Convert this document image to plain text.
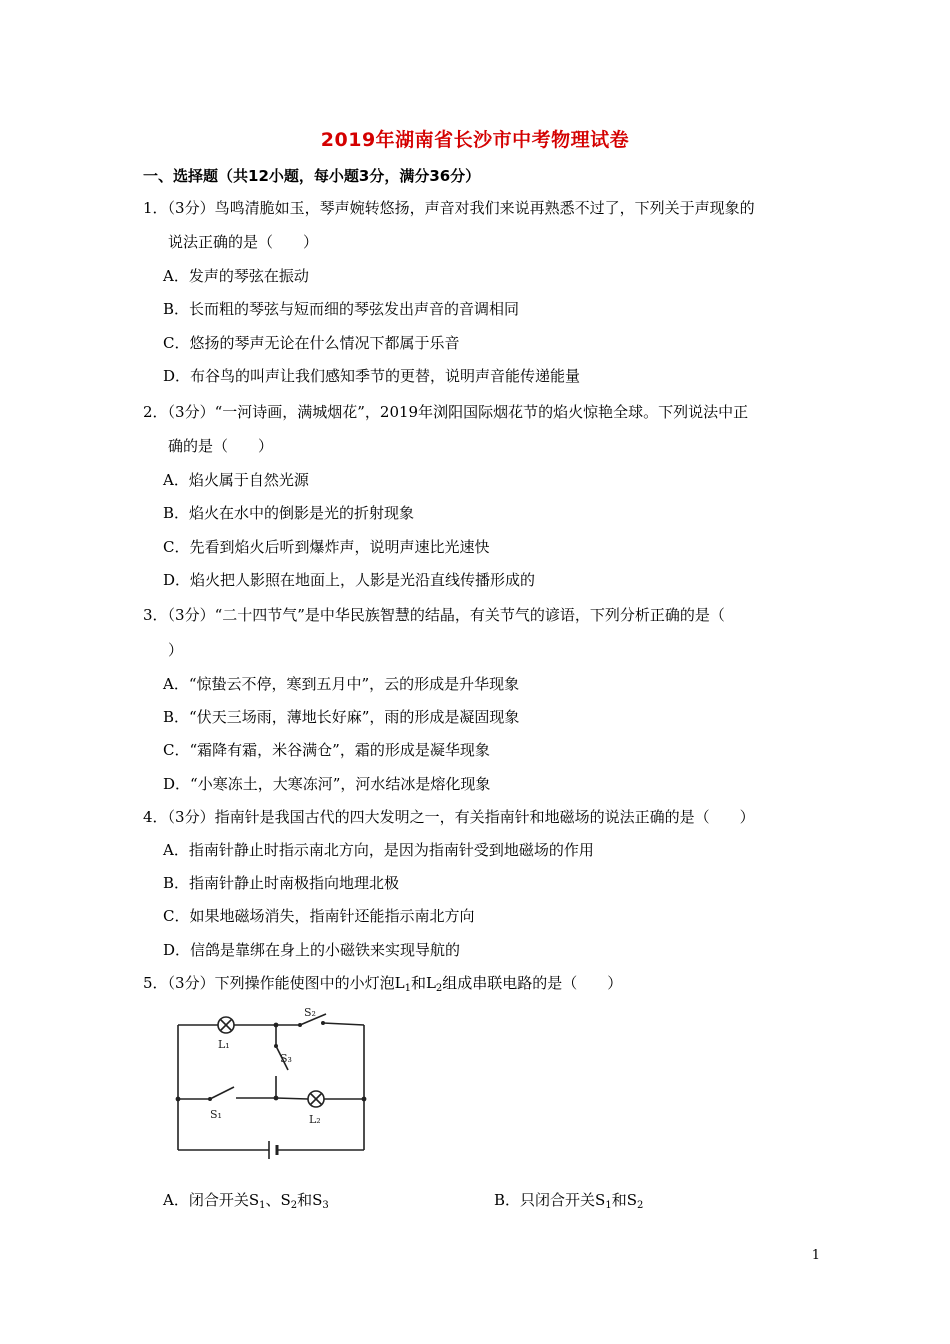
2019年湖南省长沙市中考物理试卷
一、选择题（共12小题，每小题3分，满分36分）
1．（3分）鸟鸣清脆如玉，琴声婉转悠扬，声音对我们来说再熟悉不过了，下列关于声现象的
说法正确的是（　　）
A．发声的琴弦在振动
B．长而粗的琴弦与短而细的琴弦发出声音的音调相同
C．悠扬的琴声无论在什么情况下都属于乐音
D．布谷鸟的叫声让我们感知季节的更替，说明声音能传递能量
2．（3分）“一河诗画，满城烟花”，2019年浏阳国际烟花节的焰火惊艳全球。下列说法中正
确的是（　　）
A．焰火属于自然光源
B．焰火在水中的倒影是光的折射现象
C．先看到焰火后听到爆炸声，说明声速比光速快
D．焰火把人影照在地面上，人影是光沿直线传播形成的
3．（3分）“二十四节气”是中华民族智慧的结晶，有关节气的谚语，下列分析正确的是（
）
A．“惊蛰云不停，寒到五月中”，云的形成是升华现象
B．“伏天三场雨，薄地长好麻”，雨的形成是凝固现象
C．“霜降有霜，米谷满仓”，霜的形成是凝华现象
D．“小寒冻土，大寒冻河”，河水结冰是熔化现象
4．（3分）指南针是我国古代的四大发明之一，有关指南针和地磁场的说法正确的是（　　）
A．指南针静止时指示南北方向，是因为指南针受到地磁场的作用
B．指南针静止时南极指向地理北极
C．如果地磁场消失，指南针还能指示南北方向
D．信鸽是靠绑在身上的小磁铁来实现导航的
5．（3分）下列操作能使图中的小灯泡$L_1$和$L_2$组成串联电路的是（　　）
L₁
S₃
S₂
S₁	L₂
A．闭合开关$S_1$、$S_2$和$S_3$	B．只闭合开关$S_1$和$S_2$
1
